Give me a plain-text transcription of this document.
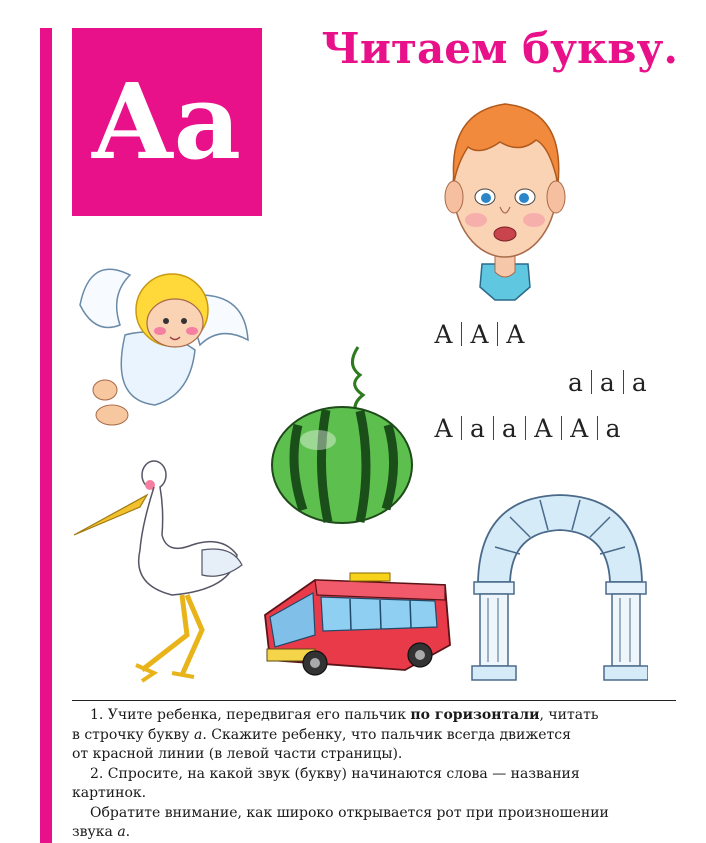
Aa
Читаем букву.
А А А
а а а
А а а А А а

1. Учите ребенка, передвигая его пальчик по горизонтали, читать

в строчку букву а. Скажите ребенку, что пальчик всегда движется

от красной линии (в левой части страницы).

2. Спросите, на какой звук (букву) начинаются слова — названия

картинок.

Обратите внимание, как широко открывается рот при произношении

звука а.
